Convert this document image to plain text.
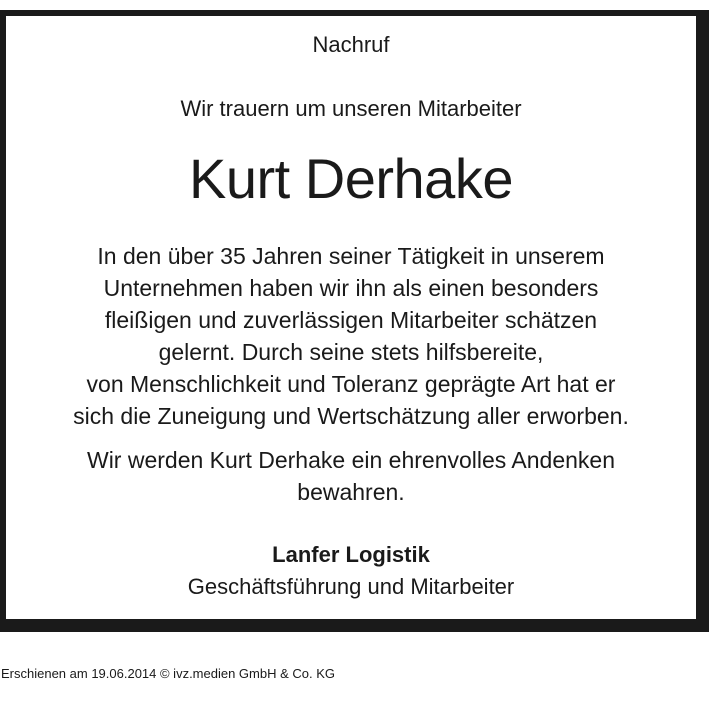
Nachruf
Wir trauern um unseren Mitarbeiter
Kurt Derhake
In den über 35 Jahren seiner Tätigkeit in unserem
Unternehmen haben wir ihn als einen besonders
fleißigen und zuverlässigen Mitarbeiter schätzen
gelernt. Durch seine stets hilfsbereite,
von Menschlichkeit und Toleranz geprägte Art hat er
sich die Zuneigung und Wertschätzung aller erworben.
Wir werden Kurt Derhake ein ehrenvolles Andenken
bewahren.
Lanfer Logistik
Geschäftsführung und Mitarbeiter
Erschienen am 19.06.2014 © ivz.medien GmbH & Co. KG
